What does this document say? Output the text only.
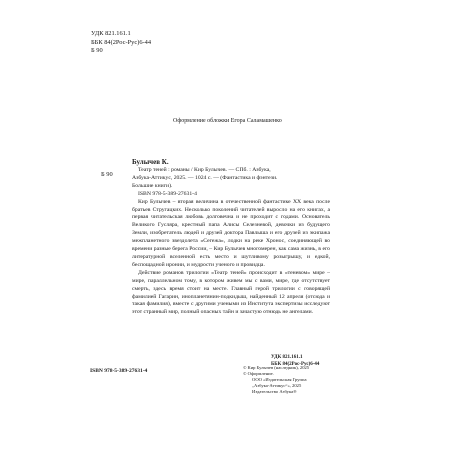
УДК 821.161.1
ББК 84(2Рос-Рус)6-44
Б 90
Оформление обложки Егора Саламашенко
Булычев К.
Б 90

Театр теней : романы / Кир Булычев. — СПб. : Азбука,

Азбука-Аттикус, 2025. — 1024 с. — (Фантастика и фэнтези.

Большие книги).

ISBN 978-5-389-27631-4

Кир Булычев – вторая величина в отечественной фантастике XX века после братьев Стругацких. Несколько поколений читателей выросло на его книгах, а первая читательская любовь долговечна и не проходит с годами. Основатель Великого Гусляра, крестный папа Алисы Селезневой, девочки из будущего Земли, изобретатель людей и друзей доктора Павлыша и его друзей из экипажа межпланетного звездолета «Сегежа», лодки на реке Хронос, соединяющей во времени разные берега России, – Кир Булычев многомерен, как сама жизнь, в его литературной вселенной есть место и шутливому розыгрышу, и едкой, беспощадной иронии, и мудрости ученого и провидца.

Действие романов трилогии «Театр теней» происходит в «теневом» мире – мире, параллельном тому, в котором живем мы с вами, мире, где отсутствует смерть, здесь время стоит на месте. Главный герой трилогии с говорящей фамилией Гагарин, инопланетянин-подкидыш, найденный 12 апреля (отсюда и такая фамилия), вместе с другими учеными из Института экспертизы исследуют этот странный мир, полный опасных тайн и зачастую отнюдь не ангелами.

УДК 821.161.1
ББК 84(2Рос-Рус)6-44
ISBN 978-5-389-27631-4
© Кир Булычев (наследник), 2025
© Оформление.
ООО «Издательская Группа
„Азбука-Аттикус“», 2025
Издательство Азбука®
